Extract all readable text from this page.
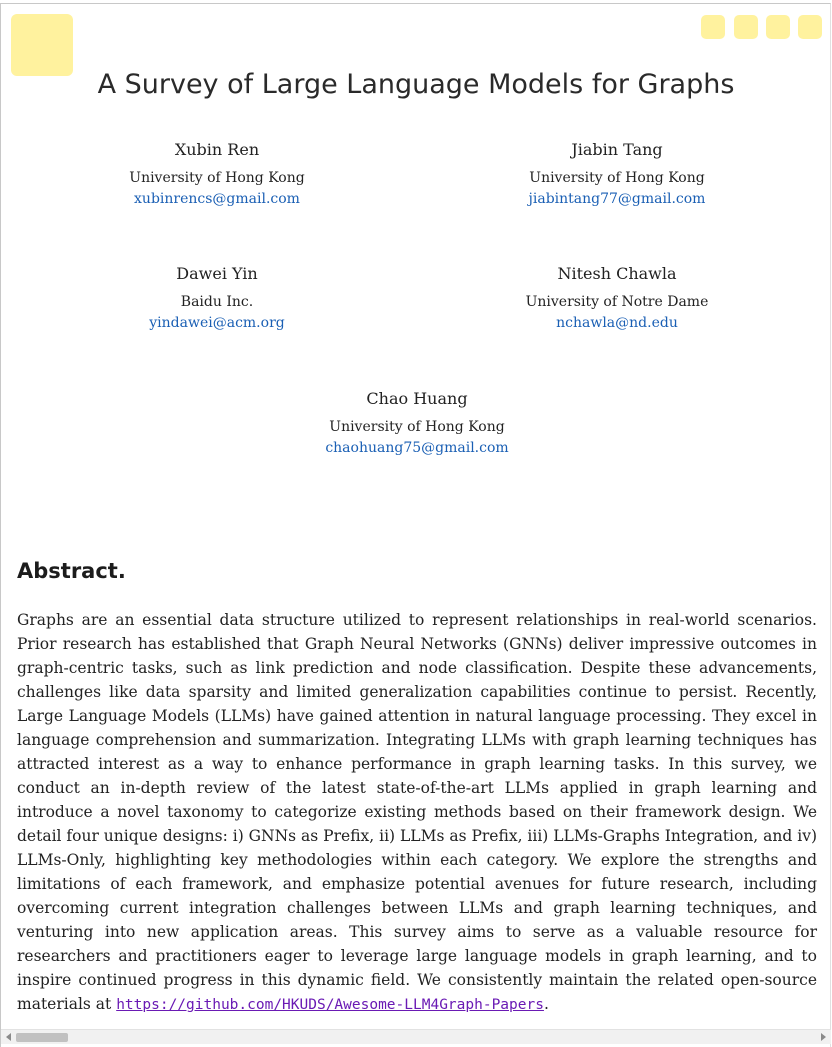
A Survey of Large Language Models for Graphs
Xubin Ren
University of Hong Kong
xubinrencs@gmail.com
Jiabin Tang
University of Hong Kong
jiabintang77@gmail.com
Dawei Yin
Baidu Inc.
yindawei@acm.org
Nitesh Chawla
University of Notre Dame
nchawla@nd.edu
Chao Huang
University of Hong Kong
chaohuang75@gmail.com
Abstract.

Graphs are an essential data structure utilized to represent relationships in real-world scenarios. Prior research has established that Graph Neural Networks (GNNs) deliver impressive outcomes in graph-centric tasks, such as link prediction and node classification. Despite these advancements, challenges like data sparsity and limited generalization capabilities continue to persist. Recently, Large Language Models (LLMs) have gained attention in natural language processing. They excel in language comprehension and summarization. Integrating LLMs with graph learning techniques has attracted interest as a way to enhance performance in graph learning tasks. In this survey, we conduct an in-depth review of the latest state-of-the-art LLMs applied in graph learning and introduce a novel taxonomy to categorize existing methods based on their framework design. We detail four unique designs: i) GNNs as Prefix, ii) LLMs as Prefix, iii) LLMs-Graphs Integration, and iv) LLMs-Only, highlighting key methodologies within each category. We explore the strengths and limitations of each framework, and emphasize potential avenues for future research, including overcoming current integration challenges between LLMs and graph learning techniques, and venturing into new application areas. This survey aims to serve as a valuable resource for researchers and practitioners eager to leverage large language models in graph learning, and to inspire continued progress in this dynamic field. We consistently maintain the related open-source materials at https://github.com/HKUDS/Awesome-LLM4Graph-Papers.
